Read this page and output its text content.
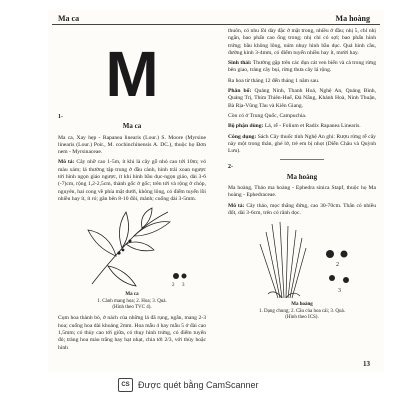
Ma ca	Ma hoàng
M
1-
Ma ca

Ma ca, Xay hẹp - Rapanea linearis (Lour.) S. Moore (Myrsine linearis (Lour.) Poir., M. cochinchinensis A. DC.), thuộc họ Đơn nem - Myrsinaceae.

Mô tả: Cây nhỡ cao 1-5m, ít khi là cây gỗ nhỏ cao tới 10m; vỏ màu xám; lá thường tập trung ở đầu cành, hình trái xoan ngược tới hình ngọn giáo ngược, ít khi hình bầu dục-ngọn giáo, dài 3-6 (-7)cm, rộng 1,2-2,5cm, thành gốc ở gốc; trên tới và rộng ở chóp, nguyên, hai cong về phía mặt dưới, không lông, có điểm tuyến lồi nhiều hay ít, ít ró; gân bên 8-10 đôi, mảnh; cuống dài 3-5mm.

2 3
Ma ca
1. Cành mang hoa; 2. Hoa; 3. Quả.
(Hình theo TVC 4).

Cụm hoa thành bó, ở nách của những lá đã rụng, ngắn, mang 2-3 hoa; cuống hoa dài khoảng 2mm. Hoa mẫu 4 hay mẫu 5 ở đài cao 1,5mm; có thùy cao tới giữa, có thụy hình trứng, có điểm tuyến đỏ; tràng hoa màu trắng hay hạt nhạt, chia tới 2/3, với thùy hoặc hình

thuôn, có nhu lồi dày đặc ở mặt trong, nhiều ở đầu; nhị 5, chỉ nhị ngắn, bao phấn cao ống trong; nhị chỉ có sợi; bao phấn hình trứng; bầu không lông, núm nhụy hình bầu dục. Quả hình cầu, đường kính 3-4mm, có điểm tuyến nhiều hay ít, mười hay.

Sinh thái: Thường gặp trên các đụn cát ven biển và cả trong rừng bên giao, trảng cây bụi, rừng thưa cây lá rộng.

Ra hoa từ tháng 12 đến tháng 1 năm sau.

Phân bố: Quảng Ninh, Thanh Hoá, Nghệ An, Quảng Bình, Quảng Trị, Thừa Thiên-Huế, Đà Nẵng, Khánh Hoà, Ninh Thuận, Bà Rịa-Vũng Tàu và Kiên Giang.

Còn có ở Trung Quốc, Campuchia.

Bộ phận dùng: Lá, rễ - Folium et Radix Rapanea Linearis.

Công dụng: Sách Cây thuốc tỉnh Nghệ An ghi: Rượu rừng rễ cây này một trong thân, ghé lở, trẻ em bị nhọt (Diễn Châu và Quỳnh Lưu).

2-
Ma hoàng

Ma hoàng, Thảo ma hoàng - Ephedra sinica Stapf, thuộc họ Ma hoàng - Ephedraceae.

Mô tả: Cây thảo, mọc thẳng đứng, cao 30-70cm. Thân có nhiều đốt, dài 3-6cm, trên có rãnh dọc.

2
3
Ma hoàng
1. Dạng chung; 2. Cầu của hoa cái; 3. Quả.
(Hình theo ICS).
13
CS Được quét bằng CamScanner
